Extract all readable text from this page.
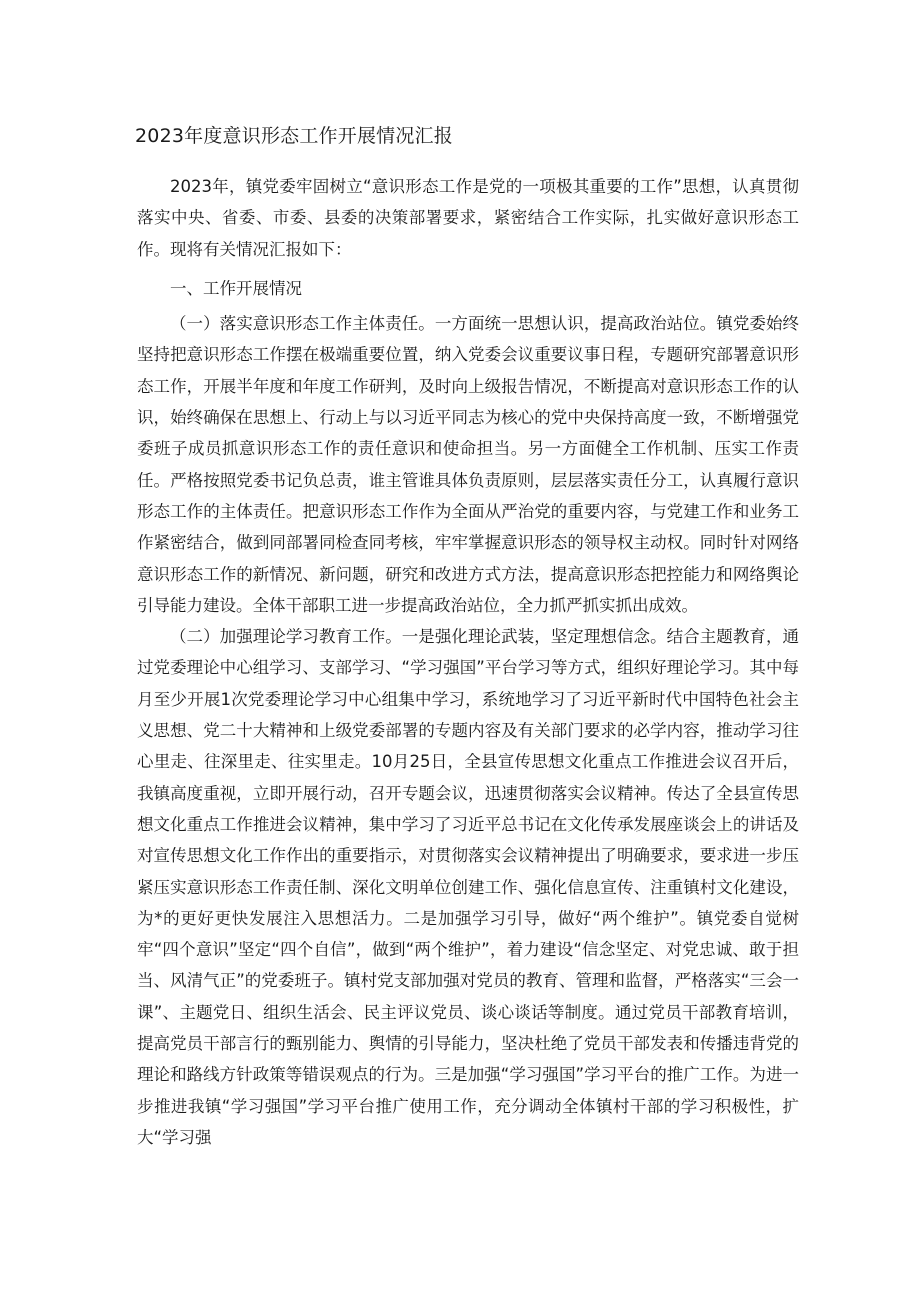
2023年度意识形态工作开展情况汇报

2023年，镇党委牢固树立“意识形态工作是党的一项极其重要的工作”思想，认真贯彻落实中央、省委、市委、县委的决策部署要求，紧密结合工作实际，扎实做好意识形态工作。现将有关情况汇报如下：

一、工作开展情况

（一）落实意识形态工作主体责任。一方面统一思想认识，提高政治站位。镇党委始终坚持把意识形态工作摆在极端重要位置，纳入党委会议重要议事日程，专题研究部署意识形态工作，开展半年度和年度工作研判，及时向上级报告情况，不断提高对意识形态工作的认识，始终确保在思想上、行动上与以习近平同志为核心的党中央保持高度一致，不断增强党委班子成员抓意识形态工作的责任意识和使命担当。另一方面健全工作机制、压实工作责任。严格按照党委书记负总责，谁主管谁具体负责原则，层层落实责任分工，认真履行意识形态工作的主体责任。把意识形态工作作为全面从严治党的重要内容，与党建工作和业务工作紧密结合，做到同部署同检查同考核，牢牢掌握意识形态的领导权主动权。同时针对网络意识形态工作的新情况、新问题，研究和改进方式方法，提高意识形态把控能力和网络舆论引导能力建设。全体干部职工进一步提高政治站位，全力抓严抓实抓出成效。

（二）加强理论学习教育工作。一是强化理论武装，坚定理想信念。结合主题教育，通过党委理论中心组学习、支部学习、“学习强国”平台学习等方式，组织好理论学习。其中每月至少开展1次党委理论学习中心组集中学习，系统地学习了习近平新时代中国特色社会主义思想、党二十大精神和上级党委部署的专题内容及有关部门要求的必学内容，推动学习往心里走、往深里走、往实里走。10月25日，全县宣传思想文化重点工作推进会议召开后，我镇高度重视，立即开展行动，召开专题会议，迅速贯彻落实会议精神。传达了全县宣传思想文化重点工作推进会议精神，集中学习了习近平总书记在文化传承发展座谈会上的讲话及对宣传思想文化工作作出的重要指示，对贯彻落实会议精神提出了明确要求，要求进一步压紧压实意识形态工作责任制、深化文明单位创建工作、强化信息宣传、注重镇村文化建设，为*的更好更快发展注入思想活力。二是加强学习引导，做好“两个维护”。镇党委自觉树牢“四个意识”坚定“四个自信”，做到“两个维护”，着力建设“信念坚定、对党忠诚、敢于担当、风清气正”的党委班子。镇村党支部加强对党员的教育、管理和监督，严格落实“三会一课”、主题党日、组织生活会、民主评议党员、谈心谈话等制度。通过党员干部教育培训，提高党员干部言行的甄别能力、舆情的引导能力，坚决杜绝了党员干部发表和传播违背党的理论和路线方针政策等错误观点的行为。三是加强“学习强国”学习平台的推广工作。为进一步推进我镇“学习强国”学习平台推广使用工作，充分调动全体镇村干部的学习积极性，扩大“学习强
